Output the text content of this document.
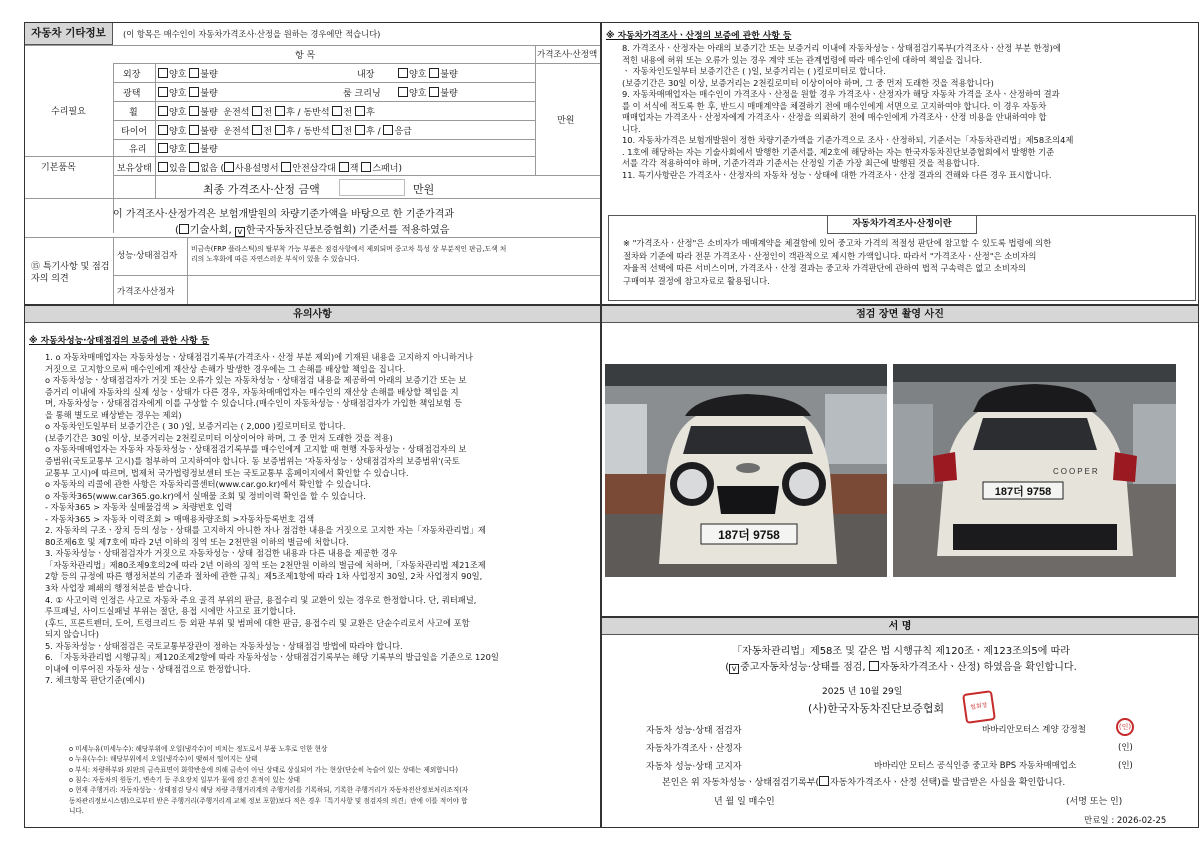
자동차 기타정보	(이 항목은 매수인이 자동차가격조사·산정을 원하는 경우에만 적습니다)
항 목	가격조사·산정액
수리필요
기본품목
만원
외장	양호 불량	내장	양호 불량
광택	양호 불량	룸 크리닝	양호 불량
휠	양호 불량 운전석 전 후 / 동반석 전 후
타이어	양호 불량 운전석 전 후 / 동반석 전 후 / 응급
유리	양호 불량
보유상태	있음 없음 ( 사용설명서 안전삼각대 잭 스패너)
최종 가격조사·산정 금액	만원
이 가격조사·산정가격은 보험개발원의 차량기준가액을 바탕으로 한 기준가격과
( 기술사회, v 한국자동차진단보증협회) 기준서를 적용하였음
⑮ 특기사항 및 점검자의 의견
성능·상태점검자
비금속(FRP 플라스틱)의 탈부착 가능 부품은 점검사항에서 제외되며 중고차 특성 상 부분적인 판금,도색 처
리의 노후화에 따른 자연스러운 부식이 있을 수 있습니다.
가격조사산정자
※ 자동차가격조사ㆍ산정의 보증에 관한 사항 등
8. 가격조사ㆍ산정자는 아래의 보증기간 또는 보증거리 이내에 자동차성능ㆍ상태점검기록부(가격조사ㆍ산정 부분 한정)에
적힌 내용에 허위 또는 오류가 있는 경우 계약 또는 관계법령에 따라 매수인에 대하여 책임을 집니다.
ㆍ 자동차인도일부터 보증기간은 ( )일, 보증거리는 ( )킬로미터로 합니다.
(보증기간은 30일 이상, 보증거리는 2천킬로미터 이상이어야 하며, 그 중 먼저 도래한 것을 적용합니다)
9. 자동차매매업자는 매수인이 가격조사ㆍ산정을 원할 경우 가격조사ㆍ산정자가 해당 자동차 가격을 조사ㆍ산정하여 결과
를 이 서식에 적도록 한 후, 반드시 매매계약을 체결하기 전에 매수인에게 서면으로 고지하여야 합니다. 이 경우 자동차
매매업자는 가격조사ㆍ산정자에게 가격조사ㆍ산정을 의뢰하기 전에 매수인에게 가격조사ㆍ산정 비용을 안내하여야 합
니다.
10. 자동차가격은 보험개발원이 정한 차량기준가액을 기준가격으로 조사ㆍ산정하되, 기준서는「자동차관리법」제58조의4제
. 1호에 해당하는 자는 기술사회에서 발행한 기준서를, 제2호에 해당하는 자는 한국자동차진단보증협회에서 발행한 기준
서를 각각 적용하여야 하며, 기준가격과 기준서는 산정일 기준 가장 최근에 발행된 것을 적용합니다.
11. 특기사항란은 가격조사ㆍ산정자의 자동차 성능ㆍ상태에 대한 가격조사ㆍ산정 결과의 견해와 다른 경우 표시합니다.
자동차가격조사·산정이란
※ "가격조사ㆍ산정"은 소비자가 매매계약을 체결함에 있어 중고차 가격의 적절성 판단에 참고할 수 있도록 법령에 의한
절차와 기준에 따라 전문 가격조사ㆍ산정인이 객관적으로 제시한 가액입니다. 따라서 "가격조사ㆍ산정"은 소비자의
자율적 선택에 따른 서비스이며, 가격조사ㆍ산정 결과는 중고차 가격판단에 관하여 법적 구속력은 없고 소비자의
구매여부 결정에 참고자료로 활용됩니다.
유의사항
※ 자동차성능·상태점검의 보증에 관한 사항 등
1. o 자동차매매업자는 자동차성능ㆍ상태점검기록부(가격조사ㆍ산정 부분 제외)에 기재된 내용을 고지하지 아니하거나
거짓으로 고지함으로써 매수인에게 재산상 손해가 발생한 경우에는 그 손해를 배상할 책임을 집니다.
o 자동차성능ㆍ상태점검자가 거짓 또는 오류가 있는 자동차성능ㆍ상태점검 내용을 제공하여 아래의 보증기간 또는 보
증거리 이내에 자동차의 실제 성능ㆍ상태가 다른 경우, 자동차매매업자는 매수인의 재산상 손해를 배상할 책임을 지
며, 자동차성능ㆍ상태점검자에게 이를 구상할 수 있습니다.(매수인이 자동차성능ㆍ상태점검자가 가입한 책임보험 등
을 통해 별도로 배상받는 경우는 제외)
o 자동차인도일부터 보증기간은 ( 30 )일, 보증거리는 ( 2,000 )킬로미터로 합니다.
(보증기간은 30일 이상, 보증거리는 2천킬로미터 이상이어야 하며, 그 중 먼저 도래한 것을 적용)
o 자동차매매업자는 자동차 자동차성능ㆍ상태점검기록부를 매수인에게 고지할 때 현행 자동차성능ㆍ상태점검자의 보
증범위(국토교통부 고시)를 첨부하여 고지하여야 합니다. 동 보증범위는 '자동차성능ㆍ상태점검자의 보증범위'(국토
교통부 고시)에 따르며, 법제처 국가법령정보센터 또는 국토교통부 홈페이지에서 확인할 수 있습니다.
o 자동차의 리콜에 관한 사항은 자동차리콜센터(www.car.go.kr)에서 확인할 수 있습니다.
o 자동차365(www.car365.go.kr)에서 실매물 조회 및 정비이력 확인을 할 수 있습니다.
- 자동차365 > 자동차 실매물검색 > 차량번호 입력
- 자동차365 > 자동차 이력조회 > 매매용차량조회 >자동차등록번호 검색
2. 자동차의 구조ㆍ장치 등의 성능ㆍ상태를 고지하지 아니한 자나 점검한 내용을 거짓으로 고지한 자는「자동차관리법」제
80조제6호 및 제7호에 따라 2년 이하의 징역 또는 2천만원 이하의 벌금에 처합니다.
3. 자동차성능ㆍ상태점검자가 거짓으로 자동차성능ㆍ상태 점검한 내용과 다른 내용을 제공한 경우
「자동차관리법」제80조제9호의2에 따라 2년 이하의 징역 또는 2천만원 이하의 벌금에 처하며,「자동차관리법 제21조제
2항 등의 규정에 따른 행정처분의 기준과 절차에 관한 규칙」제5조제1항에 따라 1차 사업정지 30일, 2차 사업정지 90일,
3차 사업장 폐쇄의 행정처분을 받습니다.
4. ① 사고이력 인정은 사고로 자동차 주요 골격 부위의 판금, 용접수리 및 교환이 있는 경우로 한정합니다. 단, 쿼터패널,
루프패널, 사이드실패널 부위는 절단, 용접 시에만 사고로 표기합니다.
(후드, 프론트펜더, 도어, 트렁크리드 등 외판 부위 및 범퍼에 대한 판금, 용접수리 및 교환은 단순수리로서 사고에 포함
되지 않습니다)
5. 자동차성능ㆍ상태점검은 국토교통부장관이 정하는 자동차성능ㆍ상태점검 방법에 따라야 합니다.
6. 「자동차관리법 시행규칙」제120조제2항에 따라 자동차성능ㆍ상태점검기록부는 해당 기록부의 발급일을 기준으로 120일
이내에 이루어진 자동차 성능ㆍ상태점검으로 한정합니다.
7. 체크항목 판단기준(예시)
o 미세누유(미세누수): 해당부위에 오일(냉각수)이 비치는 정도로서 부품 노후로 인한 현상
o 누유(누수): 해당부위에서 오일(냉각수)이 맺혀서 떨어지는 상태
o 부식: 차량하부와 외판의 금속표면이 화학반응에 의해 금속이 아닌 상태로 상실되어 가는 현상(단순히 녹슬어 있는 상태는 제외합니다)
o 침수: 자동차의 원동기, 변속기 등 주요장치 일부가 물에 잠긴 흔적이 있는 상태
o 현재 주행거리: 자동차성능ㆍ상태점검 당시 해당 차량 주행거리계의 주행거리를 기록하되, 기록한 주행거리가 자동차전산정보처리조직(자
동차관리정보시스템)으로부터 받은 주행거리(주행거리계 교체 정보 포함)보다 적은 경우「특기사항 및 점검자의 의견」란에 이를 적어야 합
니다.
점검 장면 촬영 사진
187더 9758
COOPER
187더 9758
서 명
「자동차관리법」제58조 및 같은 법 시행규칙 제120조ㆍ제123조의5에 따라
( v 중고자동차성능·상태를 점검, 자동차가격조사ㆍ산정) 하였음을 확인합니다.
2025 년 10월 29일
(사)한국자동차진단보증협회	협회장
자동차 성능·상태 점검자	바바리안모터스 계양 강정철	(인)
자동차가격조사ㆍ산정자	(인)
자동차 성능·상태 고지자	바바리안 모터스 공식인증 중고차 BPS 자동차매매업소	(인)
본인은 위 자동차성능ㆍ상태점검기록부( 자동차가격조사ㆍ산정 선택)를 발급받은 사실을 확인합니다.
년 월 일 매수인	(서명 또는 인)
만료일 : 2026-02-25
